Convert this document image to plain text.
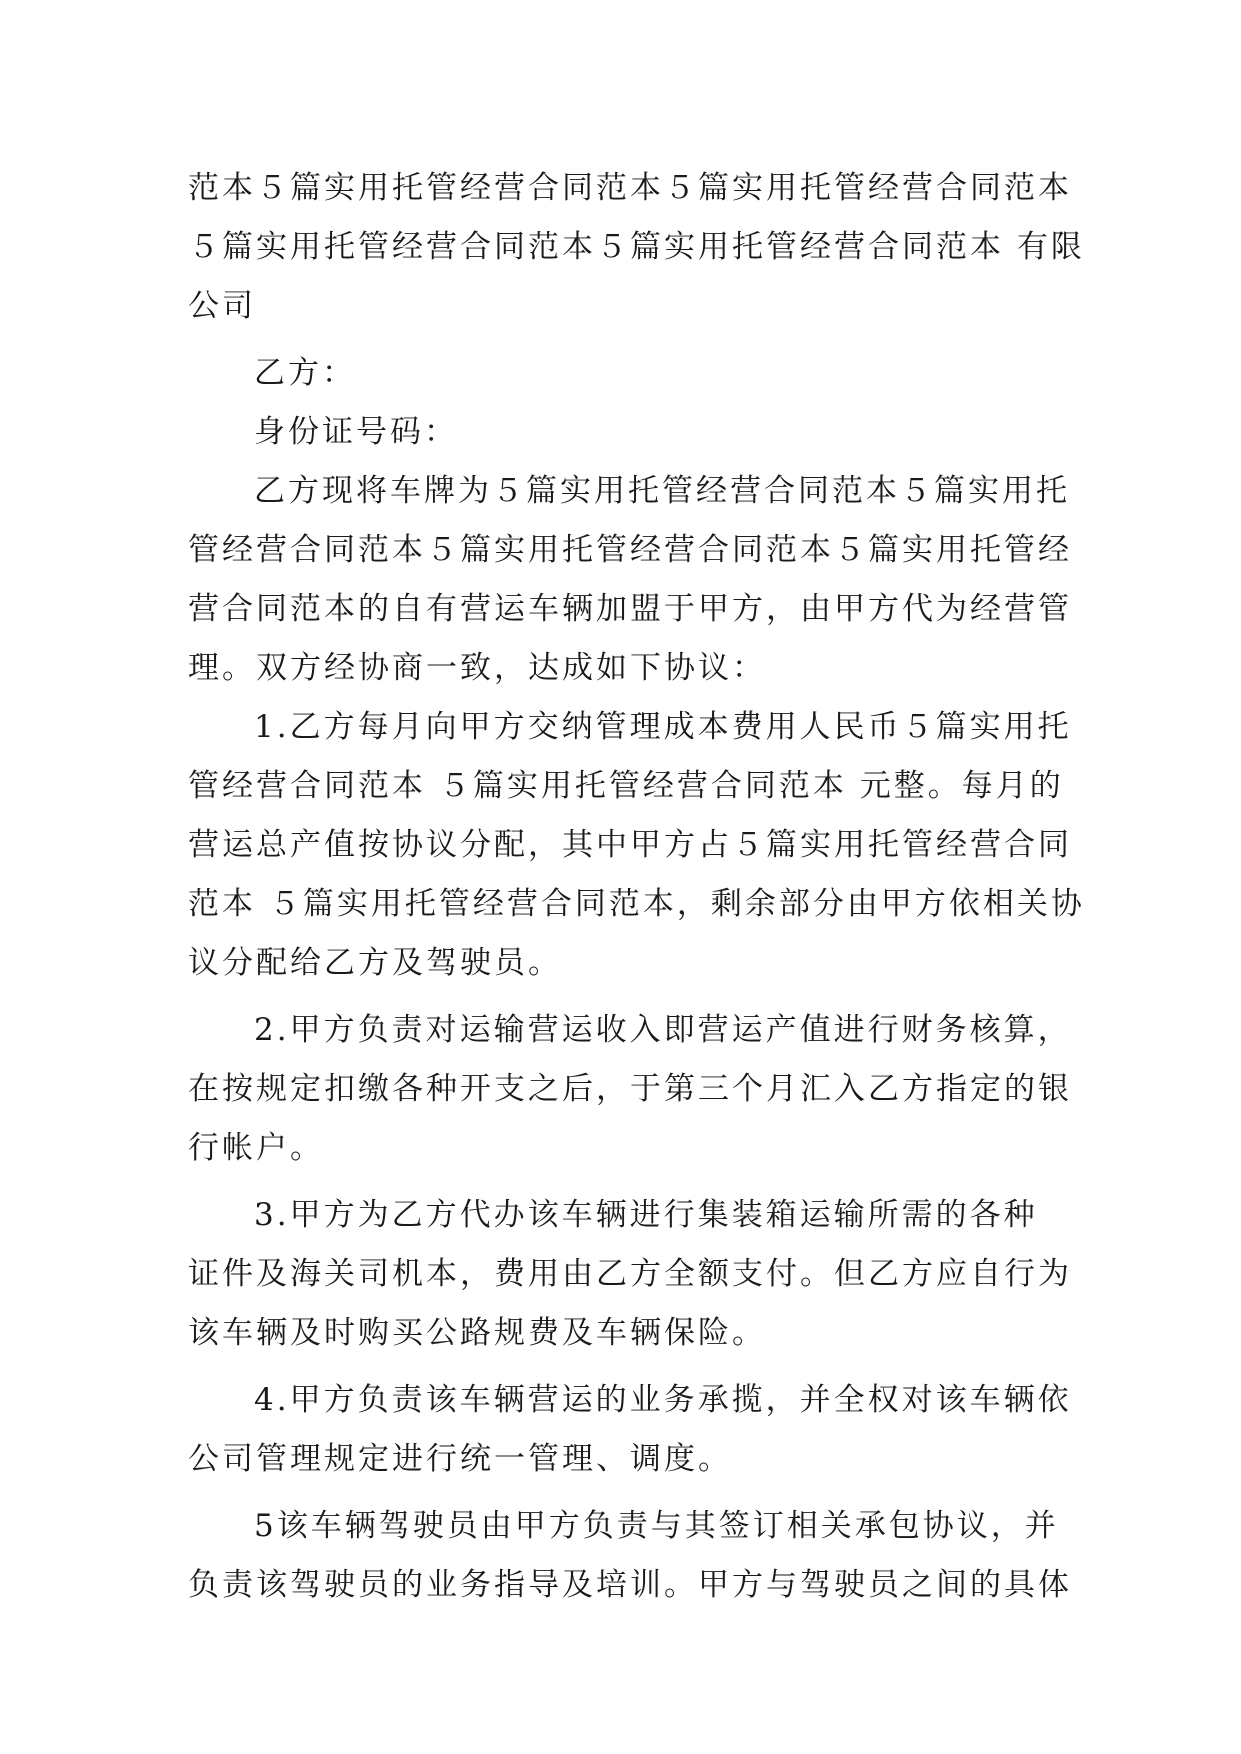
范本５篇实用托管经营合同范本５篇实用托管经营合同范本
５篇实用托管经营合同范本５篇实用托管经营合同范本 有限
公司

乙方：

身份证号码：

乙方现将车牌为５篇实用托管经营合同范本５篇实用托
管经营合同范本５篇实用托管经营合同范本５篇实用托管经
营合同范本的自有营运车辆加盟于甲方，由甲方代为经营管
理。双方经协商一致，达成如下协议：

1.乙方每月向甲方交纳管理成本费用人民币５篇实用托
管经营合同范本 ５篇实用托管经营合同范本 元整。每月的
营运总产值按协议分配，其中甲方占５篇实用托管经营合同
范本 ５篇实用托管经营合同范本，剩余部分由甲方依相关协
议分配给乙方及驾驶员。

2.甲方负责对运输营运收入即营运产值进行财务核算，
在按规定扣缴各种开支之后，于第三个月汇入乙方指定的银
行帐户。

3.甲方为乙方代办该车辆进行集装箱运输所需的各种
证件及海关司机本，费用由乙方全额支付。但乙方应自行为
该车辆及时购买公路规费及车辆保险。

4.甲方负责该车辆营运的业务承揽，并全权对该车辆依
公司管理规定进行统一管理、调度。

5该车辆驾驶员由甲方负责与其签订相关承包协议，并
负责该驾驶员的业务指导及培训。甲方与驾驶员之间的具体
